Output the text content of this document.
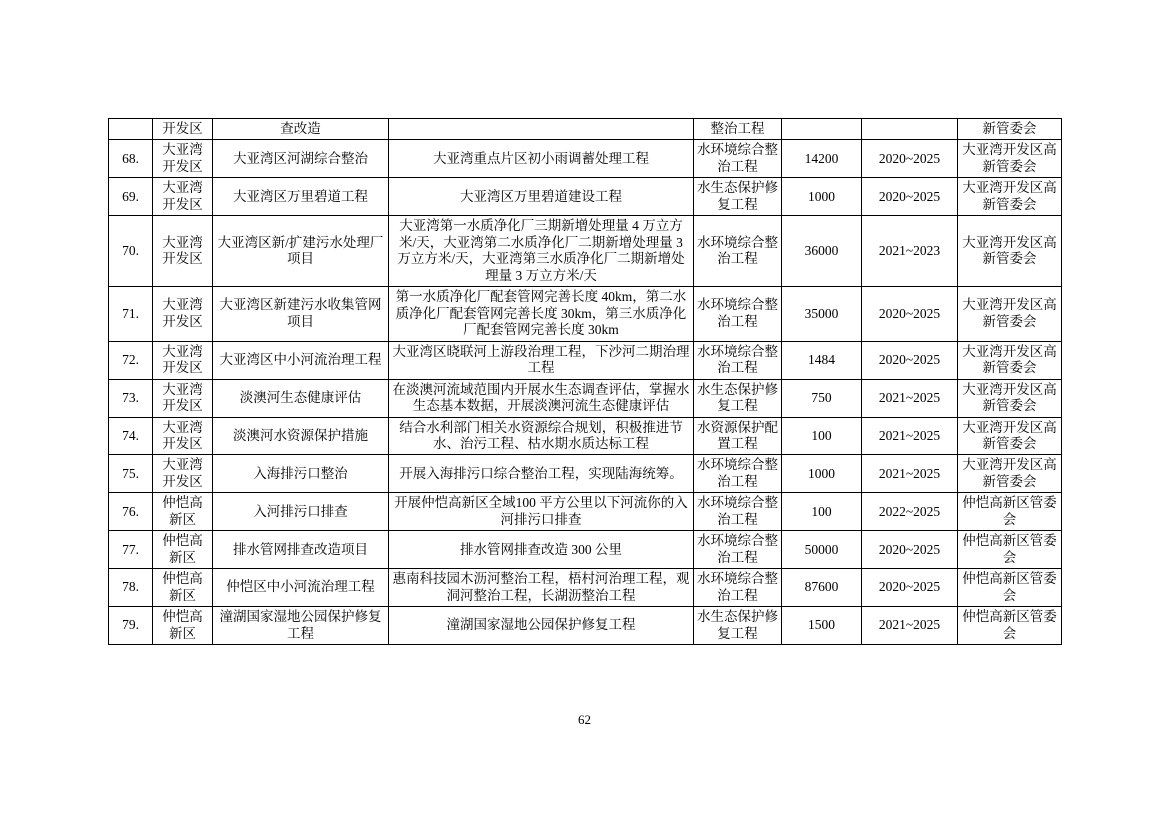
	开发区	查改造		整治工程			新管委会
68.	大亚湾开发区	大亚湾区河湖综合整治	大亚湾重点片区初小雨调蓄处理工程	水环境综合整治工程	14200	2020~2025	大亚湾开发区高新管委会
69.	大亚湾开发区	大亚湾区万里碧道工程	大亚湾区万里碧道建设工程	水生态保护修复工程	1000	2020~2025	大亚湾开发区高新管委会
70.	大亚湾开发区	大亚湾区新/扩建污水处理厂项目	大亚湾第一水质净化厂三期新增处理量 4 万立方米/天，大亚湾第二水质净化厂二期新增处理量 3 万立方米/天，大亚湾第三水质净化厂二期新增处理量 3 万立方米/天	水环境综合整治工程	36000	2021~2023	大亚湾开发区高新管委会
71.	大亚湾开发区	大亚湾区新建污水收集管网项目	第一水质净化厂配套管网完善长度 40km，第二水质净化厂配套管网完善长度 30km，第三水质净化厂配套管网完善长度 30km	水环境综合整治工程	35000	2020~2025	大亚湾开发区高新管委会
72.	大亚湾开发区	大亚湾区中小河流治理工程	大亚湾区晓联河上游段治理工程，下沙河二期治理工程	水环境综合整治工程	1484	2020~2025	大亚湾开发区高新管委会
73.	大亚湾开发区	淡澳河生态健康评估	在淡澳河流域范围内开展水生态调查评估，掌握水生态基本数据，开展淡澳河流生态健康评估	水生态保护修复工程	750	2021~2025	大亚湾开发区高新管委会
74.	大亚湾开发区	淡澳河水资源保护措施	结合水利部门相关水资源综合规划，积极推进节水、治污工程、枯水期水质达标工程	水资源保护配置工程	100	2021~2025	大亚湾开发区高新管委会
75.	大亚湾开发区	入海排污口整治	开展入海排污口综合整治工程，实现陆海统筹。	水环境综合整治工程	1000	2021~2025	大亚湾开发区高新管委会
76.	仲恺高新区	入河排污口排查	开展仲恺高新区全域100 平方公里以下河流你的入河排污口排查	水环境综合整治工程	100	2022~2025	仲恺高新区管委会
77.	仲恺高新区	排水管网排查改造项目	排水管网排查改造 300 公里	水环境综合整治工程	50000	2020~2025	仲恺高新区管委会
78.	仲恺高新区	仲恺区中小河流治理工程	惠南科技园木沥河整治工程，梧村河治理工程，观洞河整治工程，长湖沥整治工程	水环境综合整治工程	87600	2020~2025	仲恺高新区管委会
79.	仲恺高新区	潼湖国家湿地公园保护修复工程	潼湖国家湿地公园保护修复工程	水生态保护修复工程	1500	2021~2025	仲恺高新区管委会
62
